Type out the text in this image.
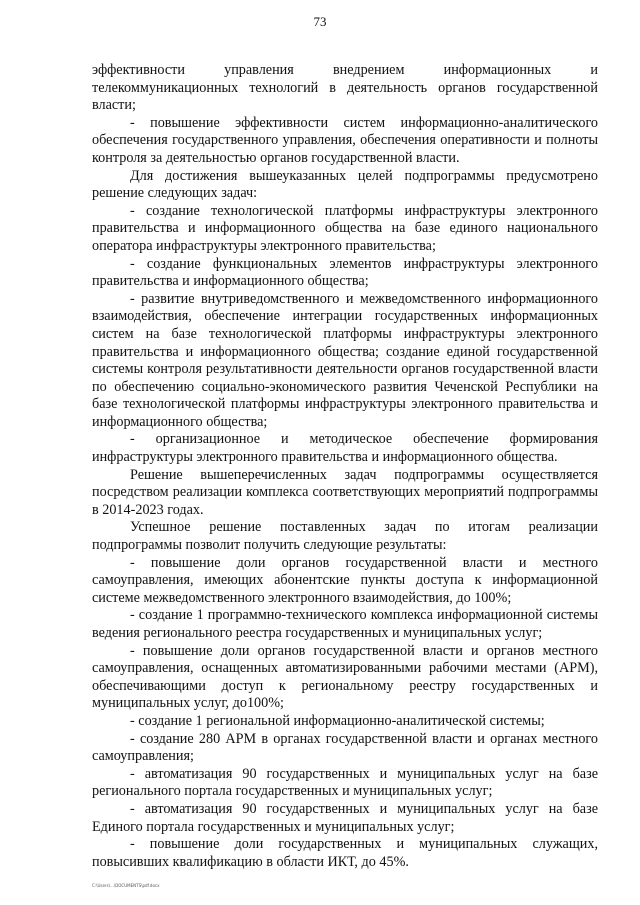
73

эффективности управления внедрением информационных и телекоммуникационных технологий в деятельность органов государственной власти;

- повышение эффективности систем информационно-аналитического обеспечения государственного управления, обеспечения оперативности и полноты контроля за деятельностью органов государственной власти.

Для достижения вышеуказанных целей подпрограммы предусмотрено решение следующих задач:

- создание технологической платформы инфраструктуры электронного правительства и информационного общества на базе единого национального оператора инфраструктуры электронного правительства;

- создание функциональных элементов инфраструктуры электронного правительства и информационного общества;

- развитие внутриведомственного и межведомственного информационного взаимодействия, обеспечение интеграции государственных информационных систем на базе технологической платформы инфраструктуры электронного правительства и информационного общества; создание единой государственной системы контроля результативности деятельности органов государственной власти по обеспечению социально-экономического развития Чеченской Республики на базе технологической платформы инфраструктуры электронного правительства и информационного общества;

- организационное и методическое обеспечение формирования инфраструктуры электронного правительства и информационного общества.

Решение вышеперечисленных задач подпрограммы осуществляется посредством реализации комплекса соответствующих мероприятий подпрограммы в 2014-2023 годах.

Успешное решение поставленных задач по итогам реализации подпрограммы позволит получить следующие результаты:

- повышение доли органов государственной власти и местного самоуправления, имеющих абонентские пункты доступа к информационной системе межведомственного электронного взаимодействия, до 100%;

- создание 1 программно-технического комплекса информационной системы ведения регионального реестра государственных и муниципальных услуг;

- повышение доли органов государственной власти и органов местного самоуправления, оснащенных автоматизированными рабочими местами (АРМ), обеспечивающими доступ к региональному реестру государственных и муниципальных услуг, до100%;

- создание 1 региональной информационно-аналитической системы;

- создание 280 АРМ в органах государственной власти и органах местного самоуправления;

- автоматизация 90 государственных и муниципальных услуг на базе регионального портала государственных и муниципальных услуг;

- автоматизация 90 государственных и муниципальных услуг на базе Единого портала государственных и муниципальных услуг;

- повышение доли государственных и муниципальных служащих, повысивших квалификацию в области ИКТ, до 45%.

C:\Users\...\DOCUMENTS\pdf.docx
